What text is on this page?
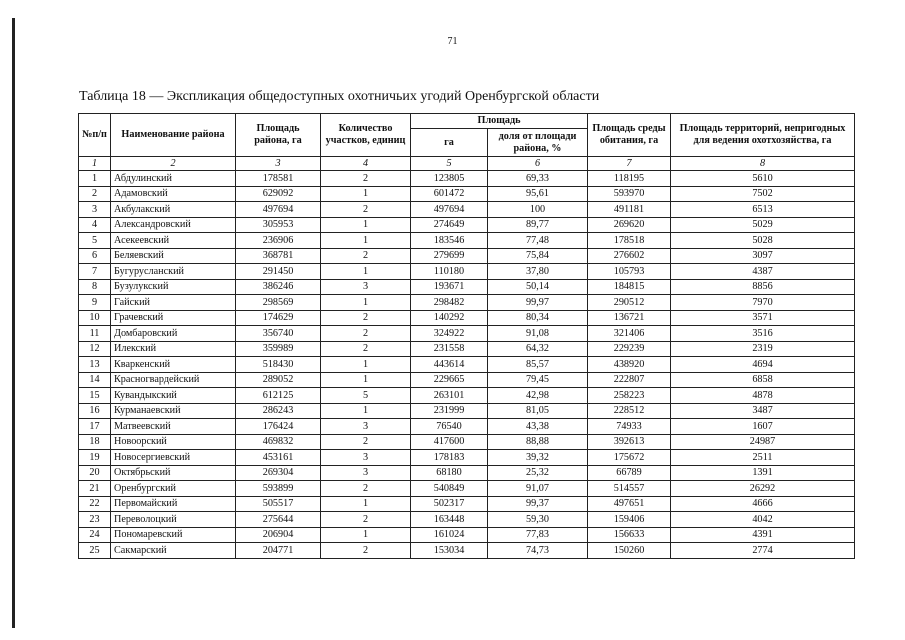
71
Таблица 18 — Экспликация общедоступных охотничьих угодий Оренбургской области
№п/п	Наименование района	Площадь района, га	Количество участков, единиц	Площадь		Площадь среды обитания, га	Площадь территорий, непригодных для ведения охотхозяйства, га
				га	доля от площади района, %		
1	2	3	4	5	6	7	8
1	Абдулинский	178581	2	123805	69,33	118195	5610
2	Адамовский	629092	1	601472	95,61	593970	7502
3	Акбулакский	497694	2	497694	100	491181	6513
4	Александровский	305953	1	274649	89,77	269620	5029
5	Асекеевский	236906	1	183546	77,48	178518	5028
6	Беляевский	368781	2	279699	75,84	276602	3097
7	Бугурусланский	291450	1	110180	37,80	105793	4387
8	Бузулукский	386246	3	193671	50,14	184815	8856
9	Гайский	298569	1	298482	99,97	290512	7970
10	Грачевский	174629	2	140292	80,34	136721	3571
11	Домбаровский	356740	2	324922	91,08	321406	3516
12	Илекский	359989	2	231558	64,32	229239	2319
13	Кваркенский	518430	1	443614	85,57	438920	4694
14	Красногвардейский	289052	1	229665	79,45	222807	6858
15	Кувандыкский	612125	5	263101	42,98	258223	4878
16	Курманаевский	286243	1	231999	81,05	228512	3487
17	Матвеевский	176424	3	76540	43,38	74933	1607
18	Новоорский	469832	2	417600	88,88	392613	24987
19	Новосергиевский	453161	3	178183	39,32	175672	2511
20	Октябрьский	269304	3	68180	25,32	66789	1391
21	Оренбургский	593899	2	540849	91,07	514557	26292
22	Первомайский	505517	1	502317	99,37	497651	4666
23	Переволоцкий	275644	2	163448	59,30	159406	4042
24	Пономаревский	206904	1	161024	77,83	156633	4391
25	Сакмарский	204771	2	153034	74,73	150260	2774
